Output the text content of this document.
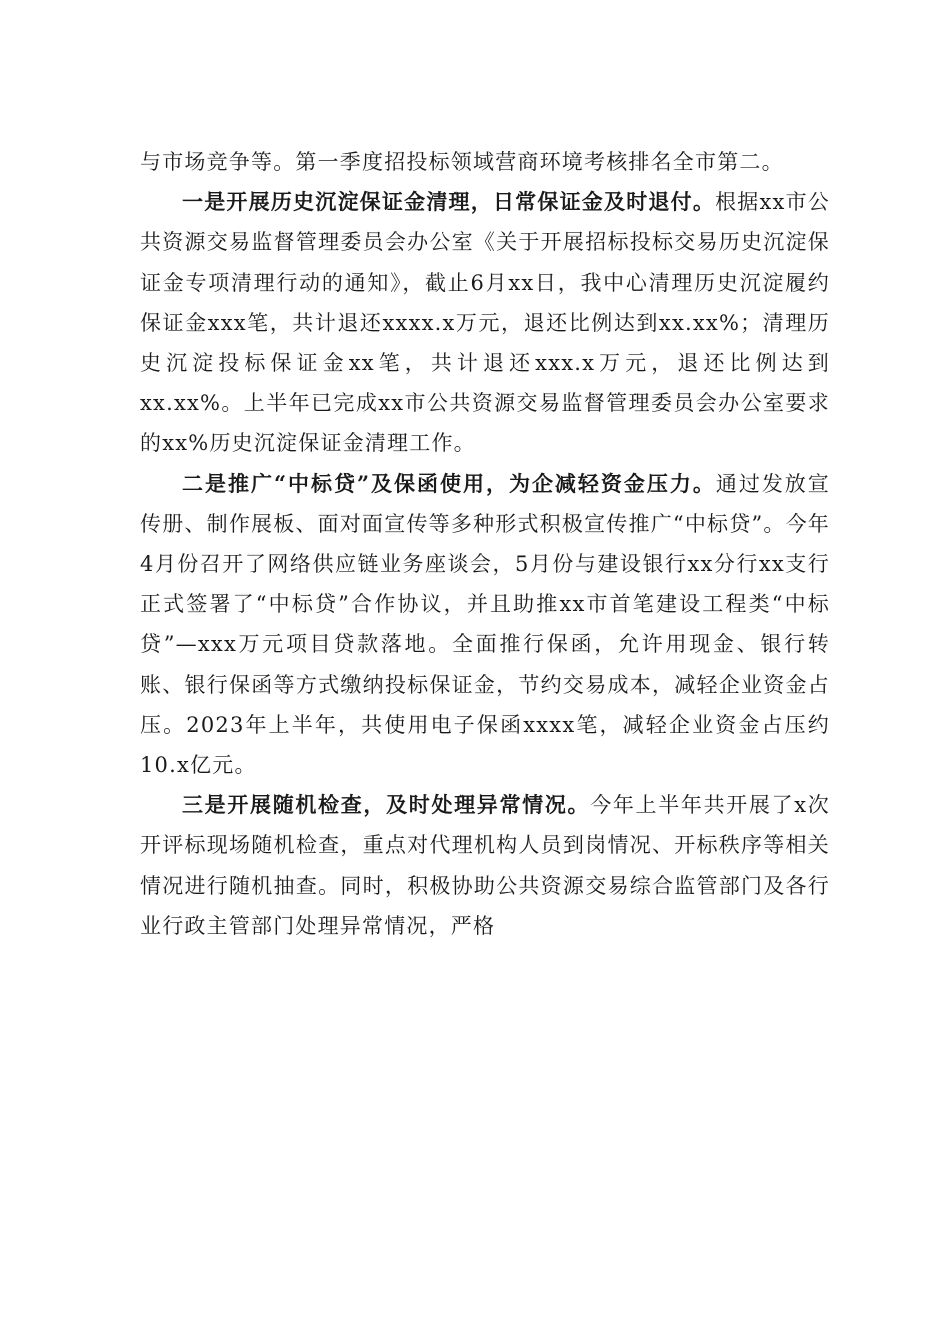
与市场竞争等。第一季度招投标领域营商环境考核排名全市第二。

一是开展历史沉淀保证金清理，日常保证金及时退付。根据xx市公共资源交易监督管理委员会办公室《关于开展招标投标交易历史沉淀保证金专项清理行动的通知》，截止6月xx日，我中心清理历史沉淀履约保证金xxx笔，共计退还xxxx.x万元，退还比例达到xx.xx%；清理历史沉淀投标保证金xx笔，共计退还xxx.x万元，退还比例达到xx.xx%。上半年已完成xx市公共资源交易监督管理委员会办公室要求的xx%历史沉淀保证金清理工作。

二是推广“中标贷”及保函使用，为企减轻资金压力。通过发放宣传册、制作展板、面对面宣传等多种形式积极宣传推广“中标贷”。今年4月份召开了网络供应链业务座谈会，5月份与建设银行xx分行xx支行正式签署了“中标贷”合作协议，并且助推xx市首笔建设工程类“中标贷”—xxx万元项目贷款落地。全面推行保函，允许用现金、银行转账、银行保函等方式缴纳投标保证金，节约交易成本，减轻企业资金占压。2023年上半年，共使用电子保函xxxx笔，减轻企业资金占压约10.x亿元。

三是开展随机检查，及时处理异常情况。今年上半年共开展了x次开评标现场随机检查，重点对代理机构人员到岗情况、开标秩序等相关情况进行随机抽查。同时，积极协助公共资源交易综合监管部门及各行业行政主管部门处理异常情况，严格
